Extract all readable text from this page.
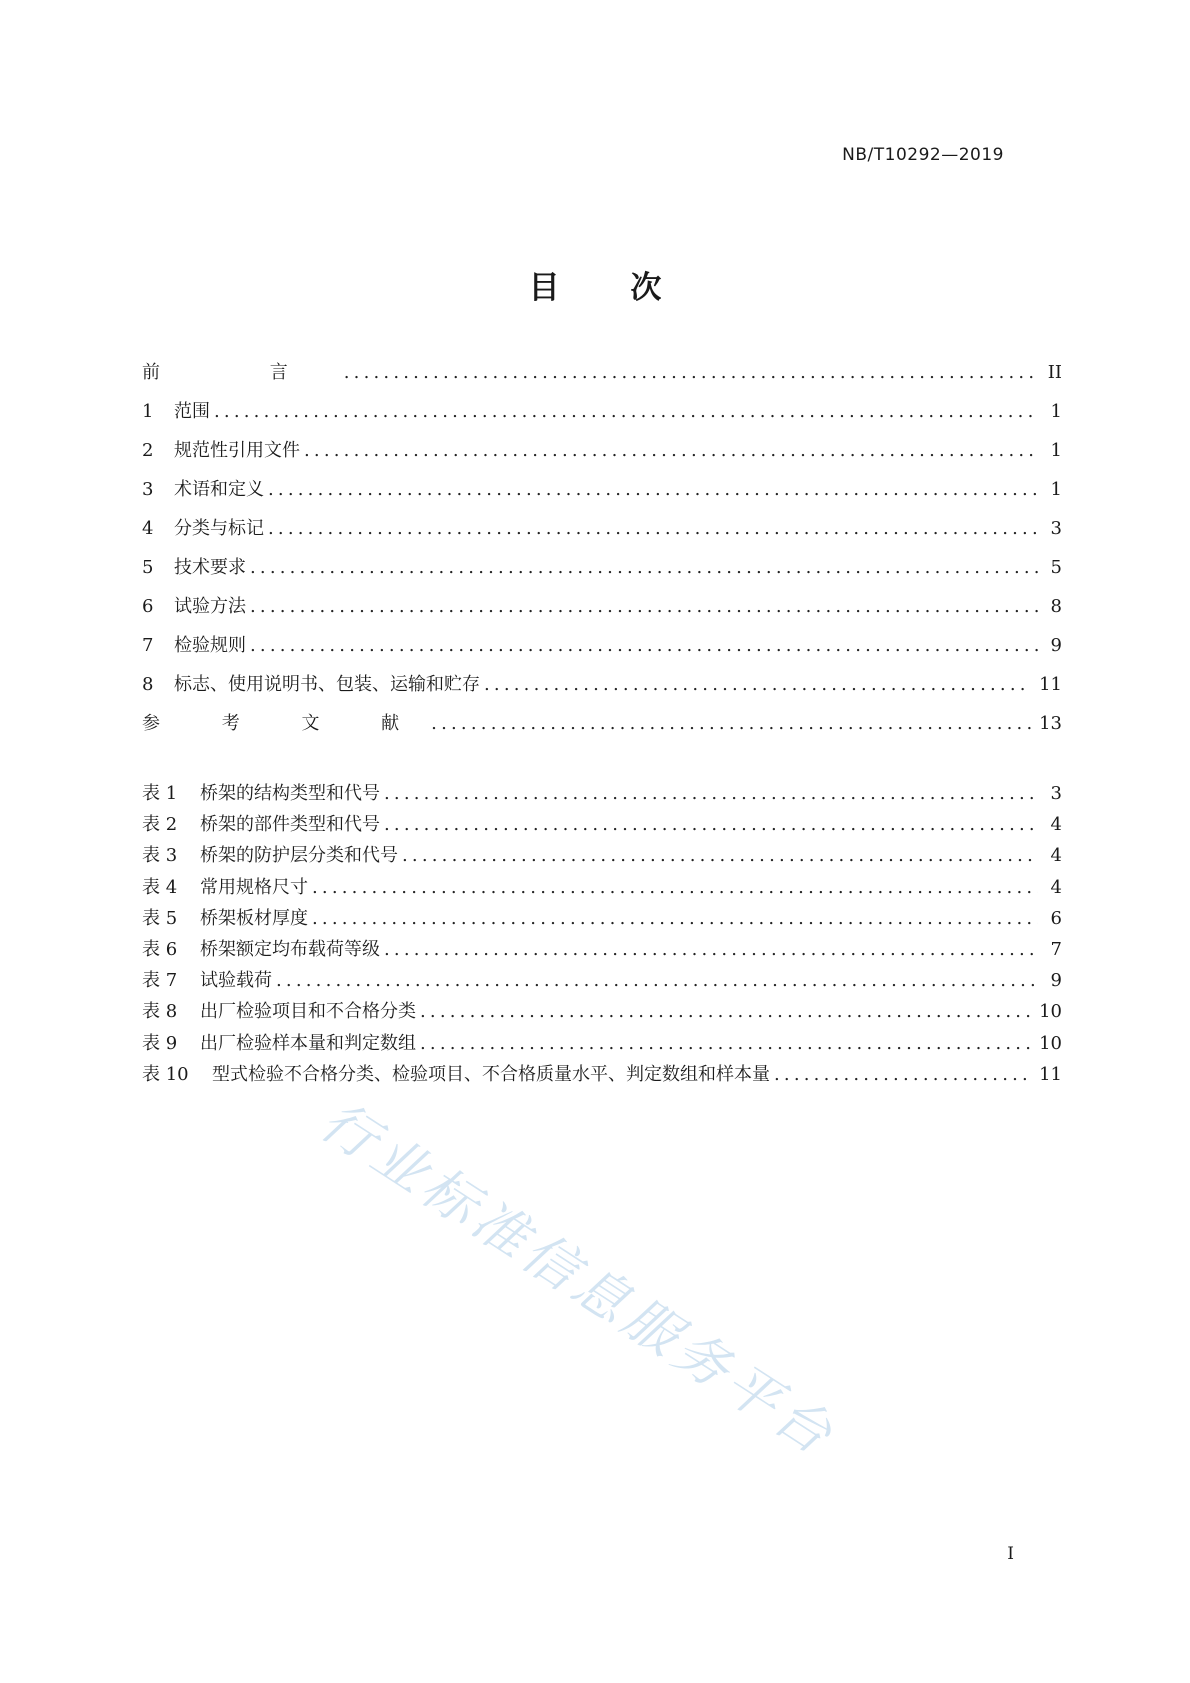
NB/T10292—2019
目 次
前 言 .....	II
1	范围 .....	1
2	规范性引用文件 .....	1
3	术语和定义 .....	1
4	分类与标记 .....	3
5	技术要求 .....	5
6	试验方法 .....	8
7	检验规则 .....	9
8	标志、使用说明书、包装、运输和贮存 .....	11
参 考 文 献 .....	13
表 1	桥架的结构类型和代号 .....	3
表 2	桥架的部件类型和代号 .....	4
表 3	桥架的防护层分类和代号 .....	4
表 4	常用规格尺寸 .....	4
表 5	桥架板材厚度 .....	6
表 6	桥架额定均布载荷等级 .....	7
表 7	试验载荷 .....	9
表 8	出厂检验项目和不合格分类 .....	10
表 9	出厂检验样本量和判定数组 .....	10
表 10	型式检验不合格分类、检验项目、不合格质量水平、判定数组和样本量 .....	11
行业标准信息服务平台
I
